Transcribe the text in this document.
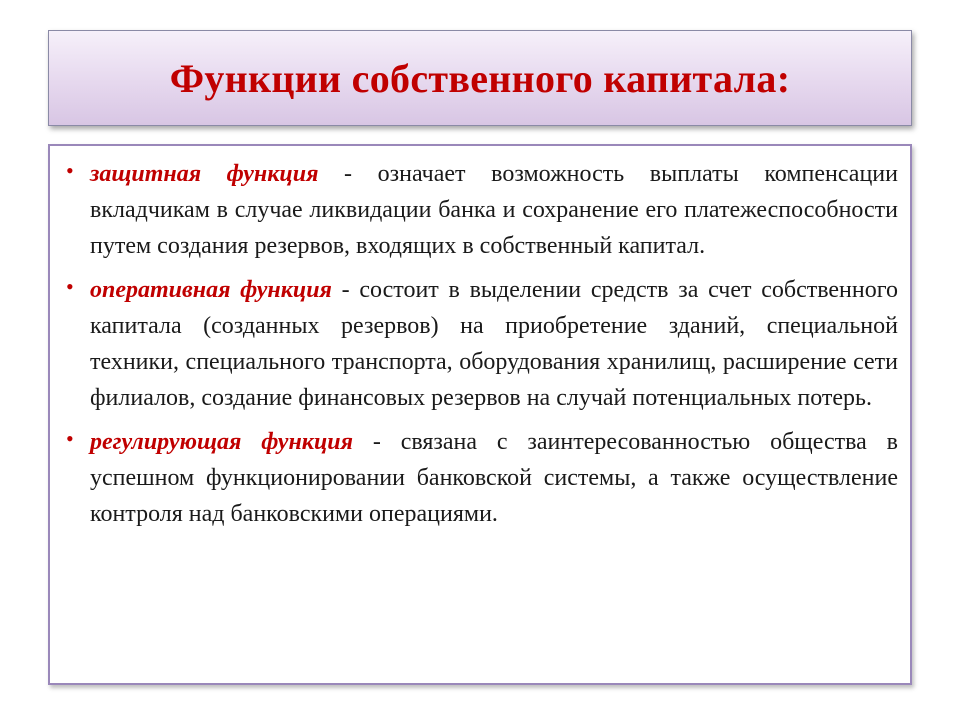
Функции собственного капитала:
• защитная функция - означает возможность выплаты компенсации вкладчикам в случае ликвидации банка и сохранение его платежеспособности путем создания резервов, входящих в собственный капитал.
• оперативная функция - состоит в выделении средств за счет собственного капитала (созданных резервов) на приобретение зданий, специальной техники, специального транспорта, оборудования хранилищ, расширение сети филиалов, создание финансовых резервов на случай потенциальных потерь.
• регулирующая функция - связана с заинтересованностью общества в успешном функционировании банковской системы, а также осуществление контроля над банковскими операциями.
